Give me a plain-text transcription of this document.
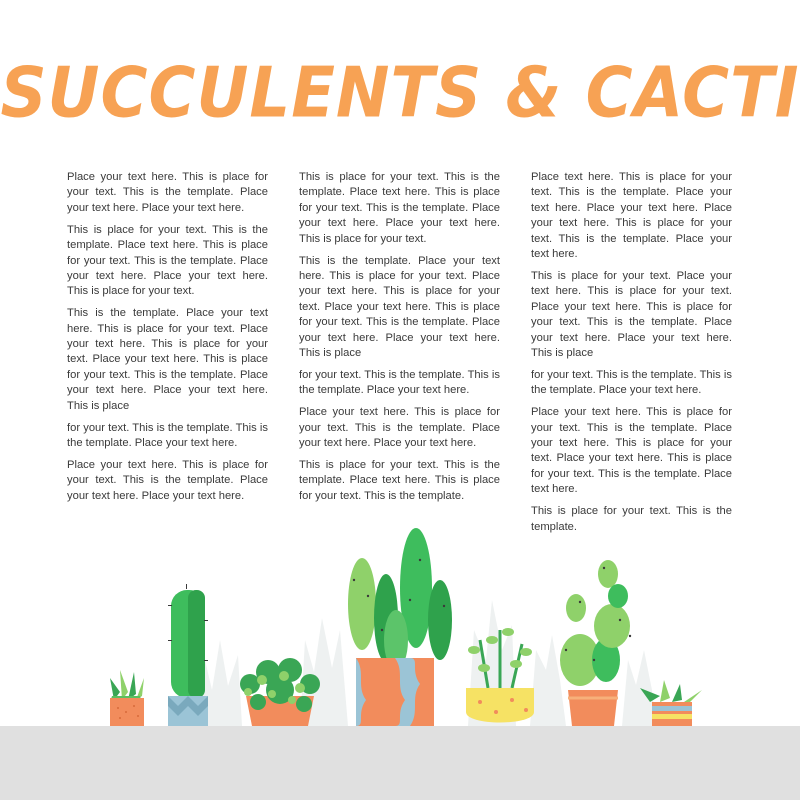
SUCCULENTS & CACTI

Place your text here. This is place for your text. This is the template. Place your text here. Place your text here.

This is place for your text. This is the template. Place text here. This is place for your text. This is the template. Place your text here. Place your text here. This is place for your text.

This is the template. Place your text here. This is place for your text. Place your text here. This is place for your text. Place your text here. This is place for your text. This is the template. Place your text here. Place your text here. This is place

for your text. This is the template. This is the template. Place your text here.

Place your text here. This is place for your text. This is the template. Place your text here. Place your text here.

This is place for your text. This is the template. Place text here. This is place for your text. This is the template. Place your text here. Place your text here. This is place for your text.

This is the template. Place your text here. This is place for your text. Place your text here. This is place for your text. Place your text here. This is place for your text. This is the template. Place your text here. Place your text here. This is place

for your text. This is the template. This is the template. Place your text here.

Place your text here. This is place for your text. This is the template. Place your text here. Place your text here.

This is place for your text. This is the template. Place text here. This is place for your text. This is the template.

Place text here. This is place for your text. This is the template. Place your text here. Place your text here. Place your text here. This is place for your text. This is the template. Place your text here.

This is place for your text. Place your text here. This is place for your text. Place your text here. This is place for your text. This is the template. Place your text here. Place your text here. This is place

for your text. This is the template. This is the template. Place your text here.

Place your text here. This is place for your text. This is the template. Place your text here. This is place for your text. Place your text here. This is place for your text. This is the template. Place text here.

This is place for your text. This is the template.
